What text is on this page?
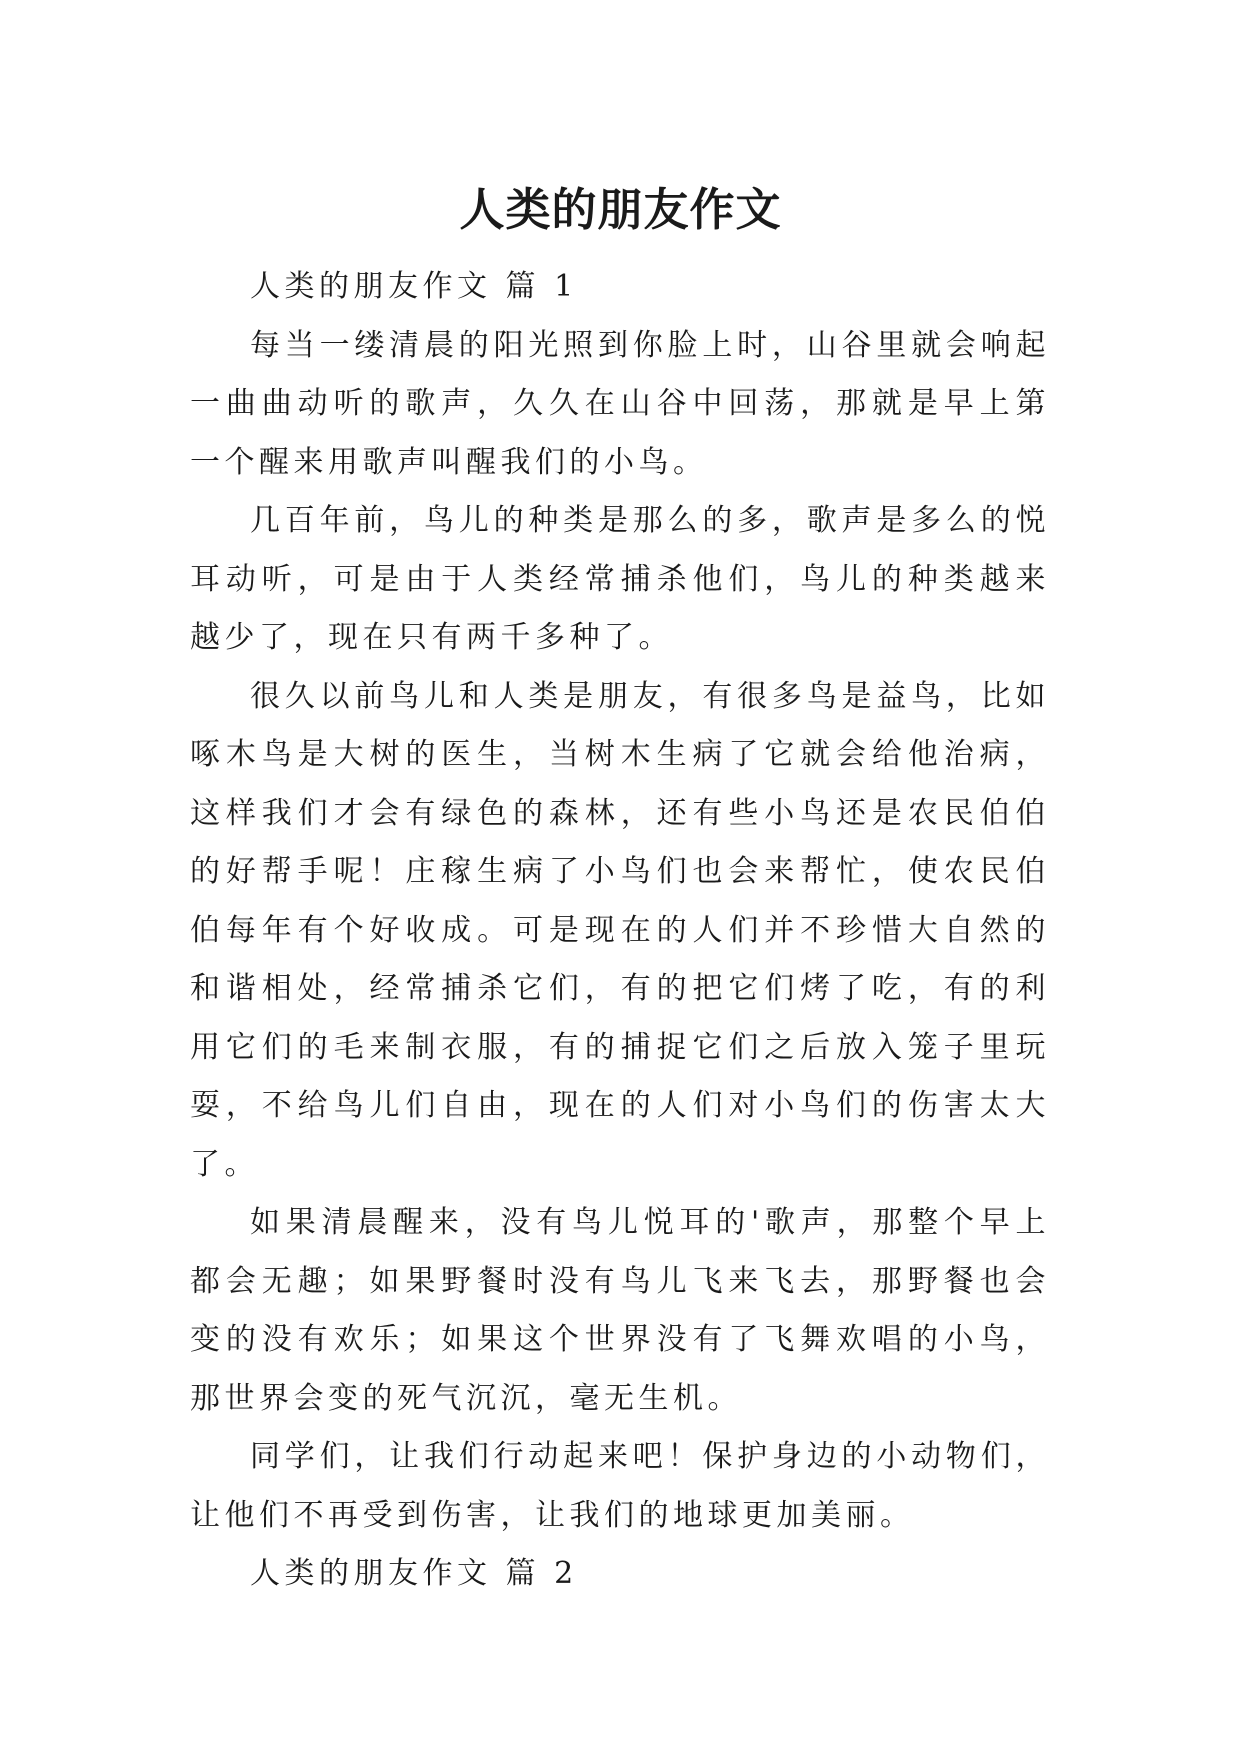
人类的朋友作文

人类的朋友作文 篇 1

每当一缕清晨的阳光照到你脸上时，山谷里就会响起一曲曲动听的歌声，久久在山谷中回荡，那就是早上第一个醒来用歌声叫醒我们的小鸟。

几百年前，鸟儿的种类是那么的多，歌声是多么的悦耳动听，可是由于人类经常捕杀他们，鸟儿的种类越来越少了，现在只有两千多种了。

很久以前鸟儿和人类是朋友，有很多鸟是益鸟，比如啄木鸟是大树的医生，当树木生病了它就会给他治病，这样我们才会有绿色的森林，还有些小鸟还是农民伯伯的好帮手呢！庄稼生病了小鸟们也会来帮忙，使农民伯伯每年有个好收成。可是现在的人们并不珍惜大自然的和谐相处，经常捕杀它们，有的把它们烤了吃，有的利用它们的毛来制衣服，有的捕捉它们之后放入笼子里玩耍，不给鸟儿们自由，现在的人们对小鸟们的伤害太大了。

如果清晨醒来，没有鸟儿悦耳的'歌声，那整个早上都会无趣；如果野餐时没有鸟儿飞来飞去，那野餐也会变的没有欢乐；如果这个世界没有了飞舞欢唱的小鸟，那世界会变的死气沉沉，毫无生机。

同学们，让我们行动起来吧！保护身边的小动物们，让他们不再受到伤害，让我们的地球更加美丽。

人类的朋友作文 篇 2
